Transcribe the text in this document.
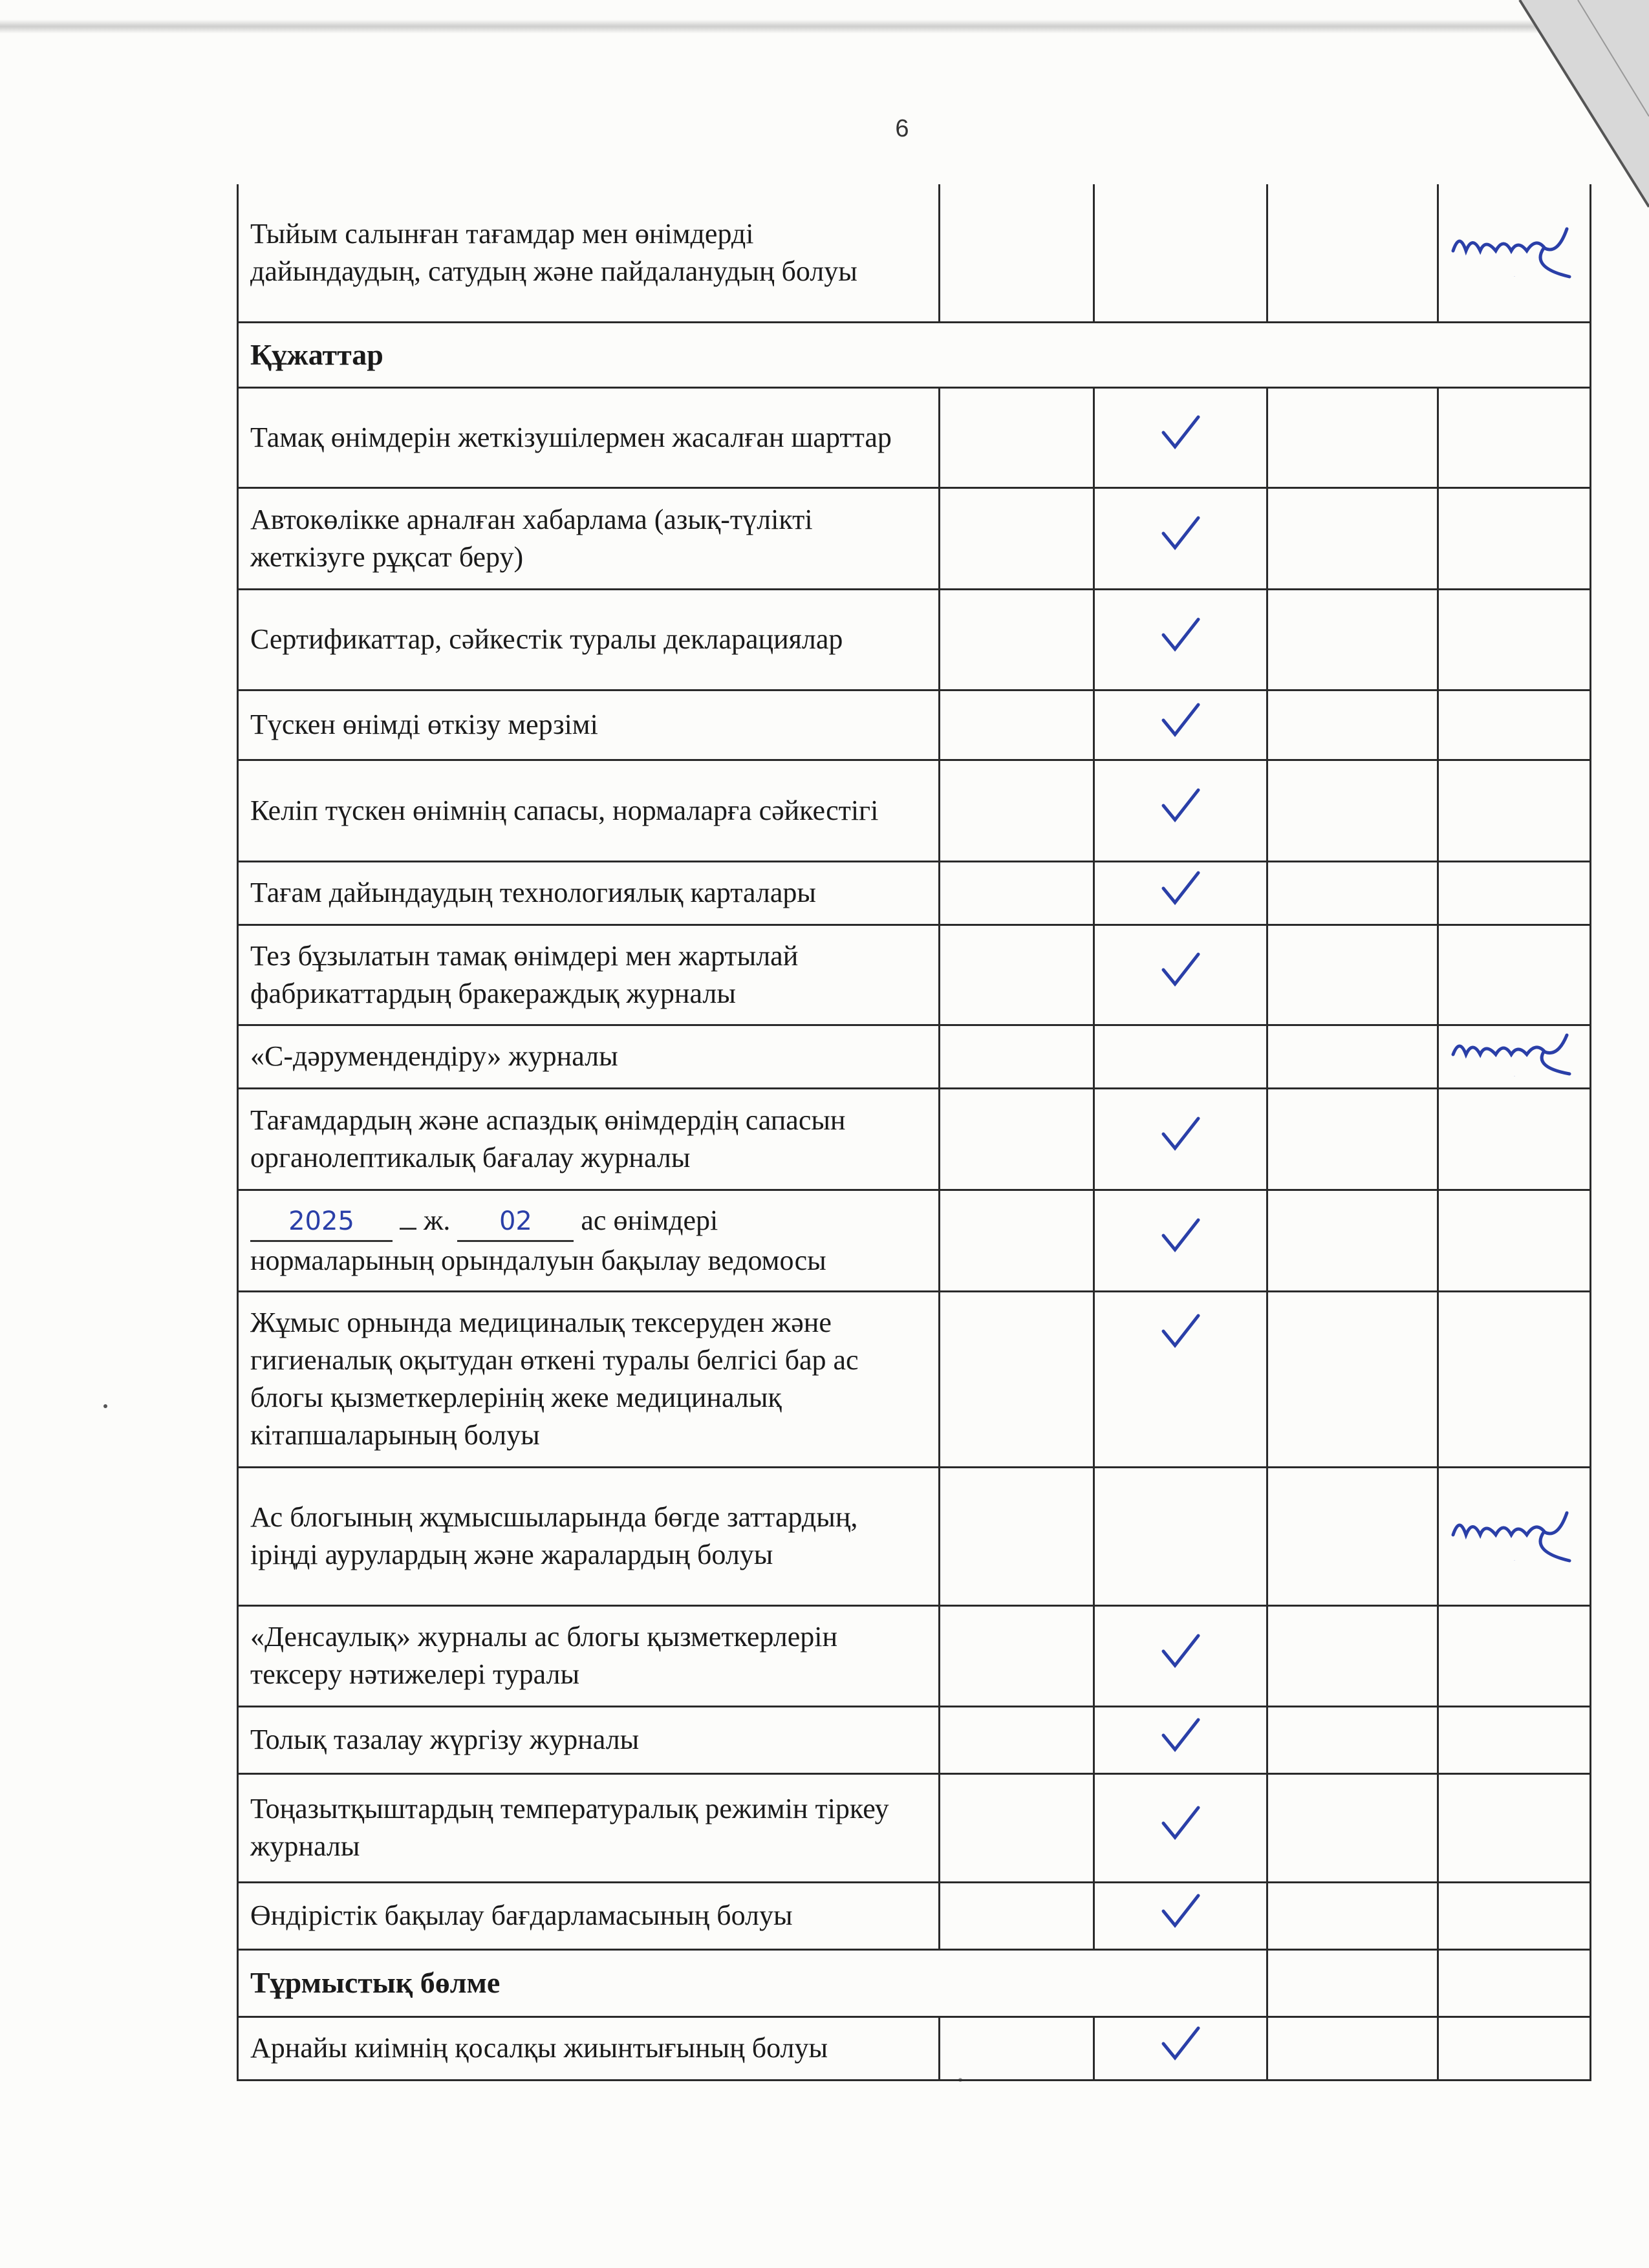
6
Тыйым салынған тағамдар мен өнімдерді дайындаудың, сатудың және пайдаланудың болуы				жоқ

Құжаттар				
Тамақ өнімдерін жеткізушілермен жасалған шарттар				
Автокөлікке арналған хабарлама (азық-түлікті жеткізуге рұқсат беру)				
Сертификаттар, сәйкестік туралы декларациялар				
Түскен өнімді өткізу мерзімі				
Келіп түскен өнімнің сапасы, нормаларға сәйкестігі				
Тағам дайындаудың технологиялық карталары				
Тез бұзылатын тамақ өнімдері мен жартылай фабрикаттардың бракераждық журналы				
«С-дәрумендендіру» журналы				жоқ

Тағамдардың және аспаздық өнімдердің сапасын органолептикалық бағалау журналы				
2025 ж. 02 ас өнімдері
нормаларының орындалуын бақылау ведомосы				
Жұмыс орнында медициналық тексеруден және гигиеналық оқытудан өткені туралы белгісі бар ас блогы қызметкерлерінің жеке медициналық кітапшаларының болуы				
Ас блогының жұмысшыларында бөгде заттардың, іріңді аурулардың және жаралардың болуы				жоқ

«Денсаулық» журналы ас блогы қызметкерлерін тексеру нәтижелері туралы				
Толық тазалау жүргізу журналы				
Тоңазытқыштардың температуралық режимін тіркеу журналы				
Өндірістік бақылау бағдарламасының болуы				
Тұрмыстық бөлме				
Арнайы киімнің қосалқы жиынтығының болуы				
